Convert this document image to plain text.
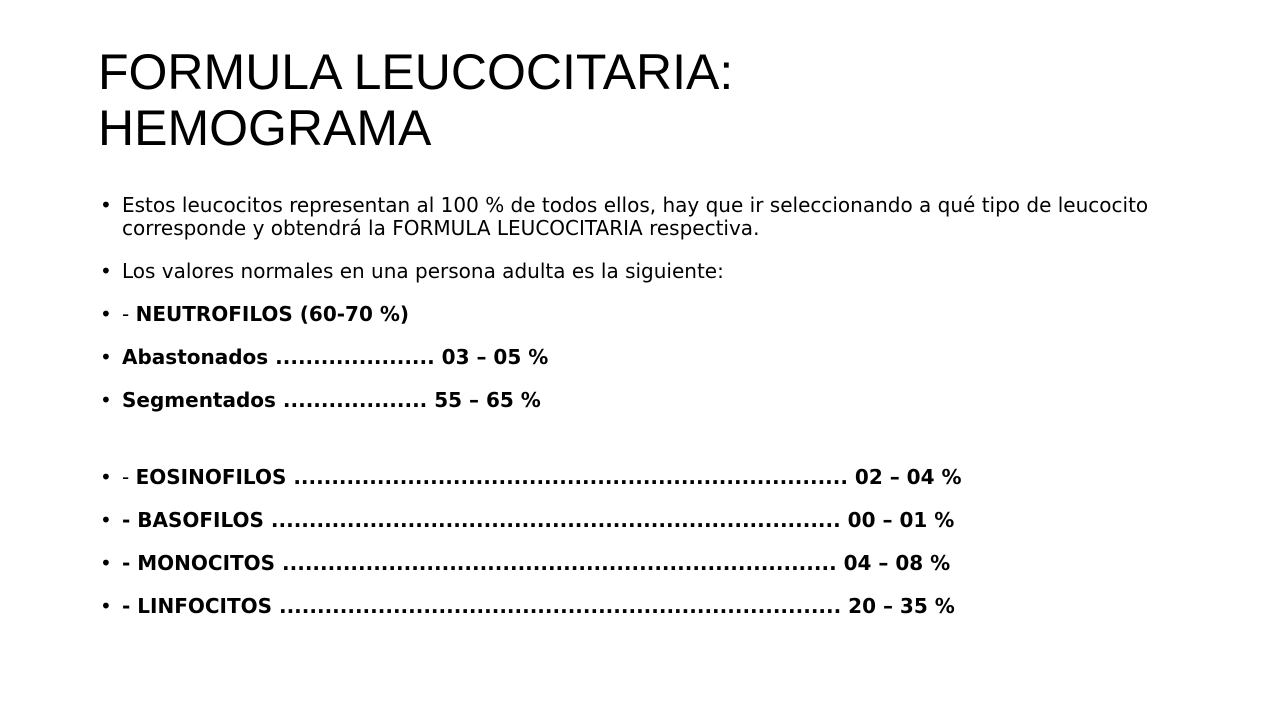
FORMULA LEUCOCITARIA:
HEMOGRAMA
• Estos leucocitos representan al 100 % de todos ellos, hay que ir seleccionando a qué tipo de leucocito corresponde y obtendrá la FORMULA LEUCOCITARIA respectiva.
• Los valores normales en una persona adulta es la siguiente:
• - NEUTROFILOS (60-70 %)
• Abastonados ..................... 03 – 05 %
• Segmentados ................... 55 – 65 %
• - EOSINOFILOS ......................................................................... 02 – 04 %
• - BASOFILOS ........................................................................... 00 – 01 %
• - MONOCITOS ......................................................................... 04 – 08 %
• - LINFOCITOS .......................................................................... 20 – 35 %
